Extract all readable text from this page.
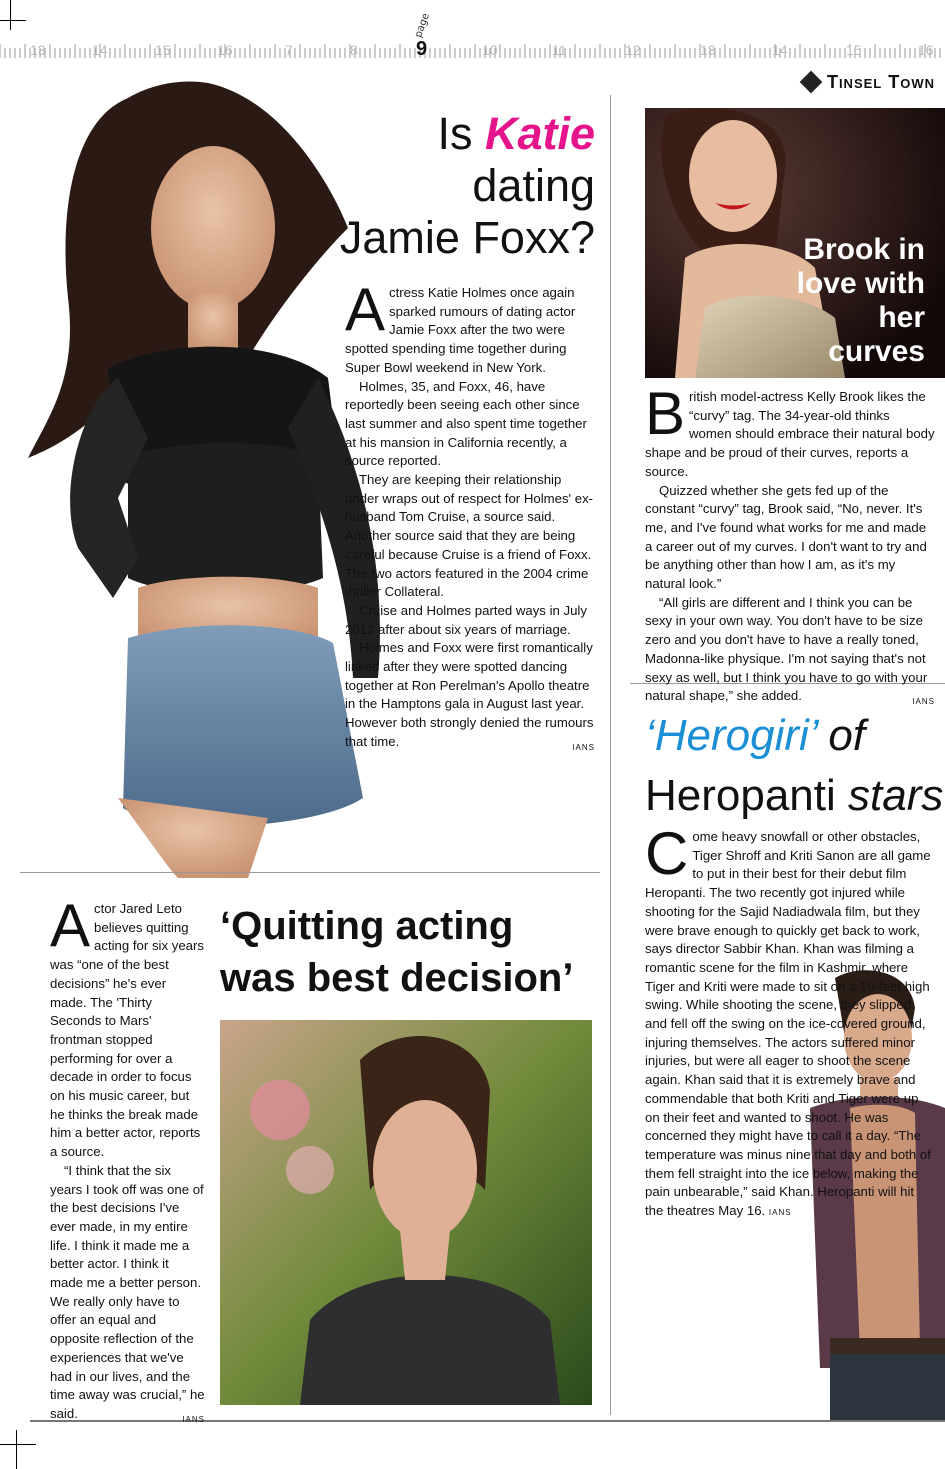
13	14	15	16	7	8	9
page
10	11	12	13	14	15	16
Tinsel Town
Is Katie
dating
Jamie Foxx?
A ctress Katie Holmes once again sparked rumours of dating actor Jamie Foxx after the two were spotted spending time together during Super Bowl weekend in New York.

Holmes, 35, and Foxx, 46, have reportedly been seeing each other since last summer and also spent time together at his mansion in California recently, a source reported.

They are keeping their relationship under wraps out of respect for Holmes' ex-husband Tom Cruise, a source said. Another source said that they are being careful because Cruise is a friend of Foxx. The two actors featured in the 2004 crime thriller Collateral.

Cruise and Holmes parted ways in July 2012 after about six years of marriage.

Holmes and Foxx were first romantically linked after they were spotted dancing together at Ron Perelman's Apollo theatre in the Hamptons gala in August last year. However both strongly denied the rumours that time.	IANS

Brook in love with her curves
B ritish model-actress Kelly Brook likes the “curvy” tag. The 34-year-old thinks women should embrace their natural body shape and be proud of their curves, reports a source.

Quizzed whether she gets fed up of the constant “curvy” tag, Brook said, “No, never. It's me, and I've found what works for me and made a career out of my curves. I don't want to try and be anything other than how I am, as it's my natural look.”

“All girls are different and I think you can be sexy in your own way. You don't have to be size zero and you don't have to have a really toned, Madonna-like physique. I'm not saying that's not sexy as well, but I think you have to go with your natural shape,” she added.	IANS

‘Herogiri’ of
Heropanti stars
C ome heavy snowfall or other obstacles, Tiger Shroff and Kriti Sanon are all game to put in their best for their debut film Heropanti. The two recently got injured while shooting for the Sajid Nadiadwala film, but they were brave enough to quickly get back to work, says director Sabbir Khan. Khan was filming a romantic scene for the film in Kashmir, where Tiger and Kriti were made to sit on a 10-feet high swing. While shooting the scene, they slipped and fell off the swing on the ice-covered ground, injuring themselves. The actors suffered minor injuries, but were all eager to shoot the scene again. Khan said that it is extremely brave and commendable that both Kriti and Tiger were up on their feet and wanted to shoot. He was concerned they might have to call it a day. “The temperature was minus nine that day and both of them fell straight into the ice below, making the pain unbearable,” said Khan. Heropanti will hit the theatres May 16. IANS

‘Quitting acting was best decision’
A ctor Jared Leto believes quitting acting for six years was “one of the best decisions” he's ever made. The 'Thirty Seconds to Mars' frontman stopped performing for over a decade in order to focus on his music career, but he thinks the break made him a better actor, reports a source.

“I think that the six years I took off was one of the best decisions I've ever made, in my entire life. I think it made me a better actor. I think it made me a better person. We really only have to offer an equal and opposite reflection of the experiences that we've had in our lives, and the time away was crucial,” he said.	IANS
